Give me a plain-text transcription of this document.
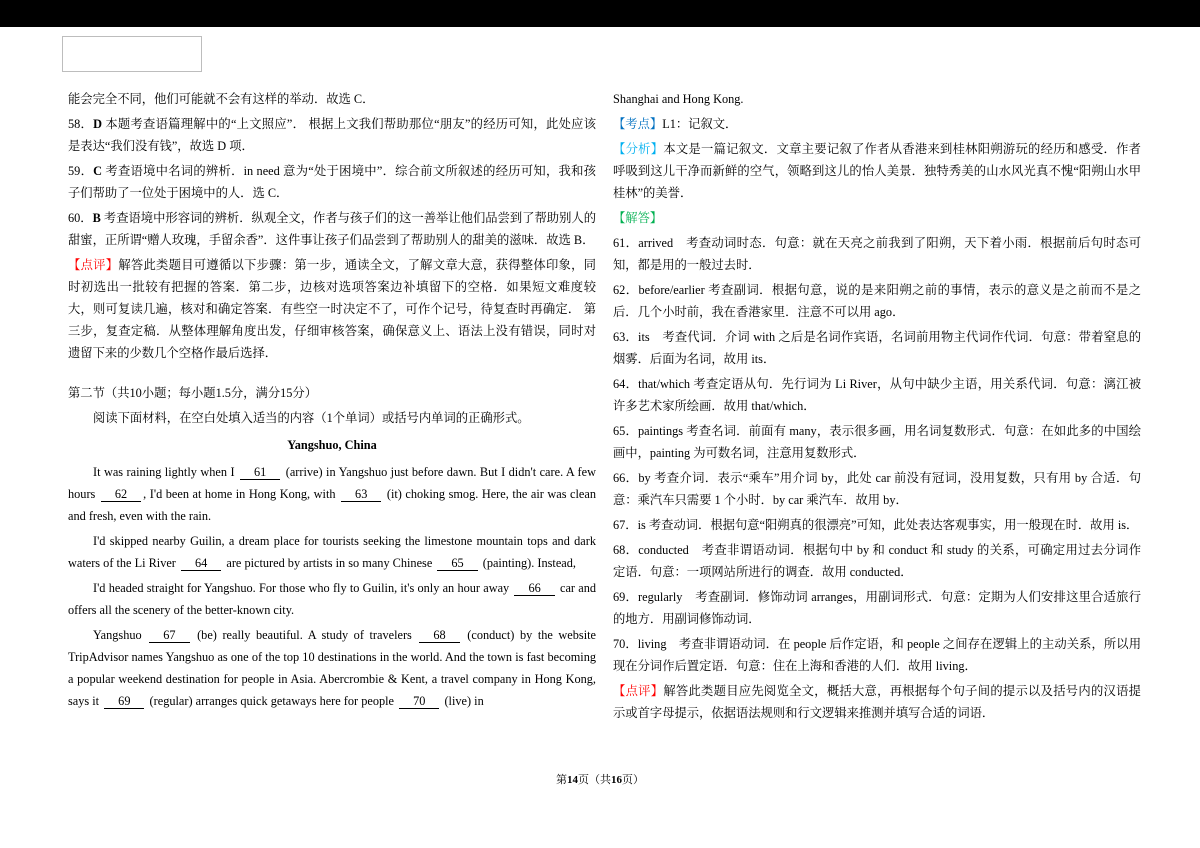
能会完全不同，他们可能就不会有这样的举动．故选 C．

58．D 本题考查语篇理解中的“上文照应”． 根据上文我们帮助那位“朋友”的经历可知，此处应该是表达“我们没有钱”，故选 D 项．

59．C 考查语境中名词的辨析．in need 意为“处于困境中”．综合前文所叙述的经历可知，我和孩子们帮助了一位处于困境中的人．选 C．

60．B 考查语境中形容词的辨析．纵观全文，作者与孩子们的这一善举让他们品尝到了帮助别人的甜蜜，正所谓“赠人玫瑰，手留余香”．这件事让孩子们品尝到了帮助别人的甜美的滋味．故选 B．

【点评】解答此类题目可遵循以下步骤：第一步，通读全文，了解文章大意，获得整体印象，同时初选出一批较有把握的答案．第二步，边核对选项答案边补填留下的空格．如果短文难度较大，则可复读几遍，核对和确定答案．有些空一时决定不了，可作个记号，待复查时再确定． 第三步，复查定稿．从整体理解角度出发，仔细审核答案，确保意义上、语法上没有错误，同时对遗留下来的少数几个空格作最后选择．

第二节（共10小题；每小题1.5分，满分15分）

阅读下面材料，在空白处填入适当的内容（1个单词）或括号内单词的正确形式。

Yangshuo, China

It was raining lightly when I 61 (arrive) in Yangshuo just before dawn. But I didn't care. A few hours 62 , I'd been at home in Hong Kong, with 63 (it) choking smog. Here, the air was clean and fresh, even with the rain.

I'd skipped nearby Guilin, a dream place for tourists seeking the limestone mountain tops and dark waters of the Li River 64 are pictured by artists in so many Chinese 65 (painting). Instead,

I'd headed straight for Yangshuo. For those who fly to Guilin, it's only an hour away 66 car and offers all the scenery of the better-known city.

Yangshuo 67 (be) really beautiful. A study of travelers 68 (conduct) by the website TripAdvisor names Yangshuo as one of the top 10 destinations in the world. And the town is fast becoming a popular weekend destination for people in Asia. Abercrombie & Kent, a travel company in Hong Kong, says it 69 (regular) arranges quick getaways here for people 70 (live) in

Shanghai and Hong Kong.

【考点】L1：记叙文．

【分析】本文是一篇记叙文．文章主要记叙了作者从香港来到桂林阳朔游玩的经历和感受．作者呼吸到这儿干净而新鲜的空气，领略到这儿的怡人美景．独特秀美的山水风光真不愧“阳朔山水甲桂林”的美誉．

【解答】

61．arrived　考查动词时态．句意：就在天亮之前我到了阳朔，天下着小雨．根据前后句时态可知，都是用的一般过去时．

62．before/earlier 考查副词．根据句意，说的是来阳朔之前的事情，表示的意义是之前而不是之后．几个小时前，我在香港家里．注意不可以用 ago．

63．its　考查代词．介词 with 之后是名词作宾语，名词前用物主代词作代词．句意：带着窒息的烟雾．后面为名词，故用 its．

64．that/which 考查定语从句．先行词为 Li River，从句中缺少主语，用关系代词．句意：漓江被许多艺术家所绘画．故用 that/which．

65．paintings 考查名词．前面有 many，表示很多画，用名词复数形式．句意：在如此多的中国绘画中，painting 为可数名词，注意用复数形式．

66．by 考查介词．表示“乘车”用介词 by，此处 car 前没有冠词，没用复数，只有用 by 合适．句意：乘汽车只需要 1 个小时．by car 乘汽车．故用 by．

67．is 考查动词．根据句意“阳朔真的很漂亮”可知，此处表达客观事实，用一般现在时．故用 is．

68．conducted　考查非谓语动词．根据句中 by 和 conduct 和 study 的关系，可确定用过去分词作定语．句意：一项网站所进行的调查．故用 conducted．

69．regularly　考查副词．修饰动词 arranges，用副词形式．句意：定期为人们安排这里合适旅行的地方．用副词修饰动词．

70．living　考查非谓语动词．在 people 后作定语，和 people 之间存在逻辑上的主动关系，所以用现在分词作后置定语．句意：住在上海和香港的人们．故用 living．

【点评】解答此类题目应先阅览全文，概括大意，再根据每个句子间的提示以及括号内的汉语提示或首字母提示，依据语法规则和行文逻辑来推测并填写合适的词语．

第14页（共16页）
